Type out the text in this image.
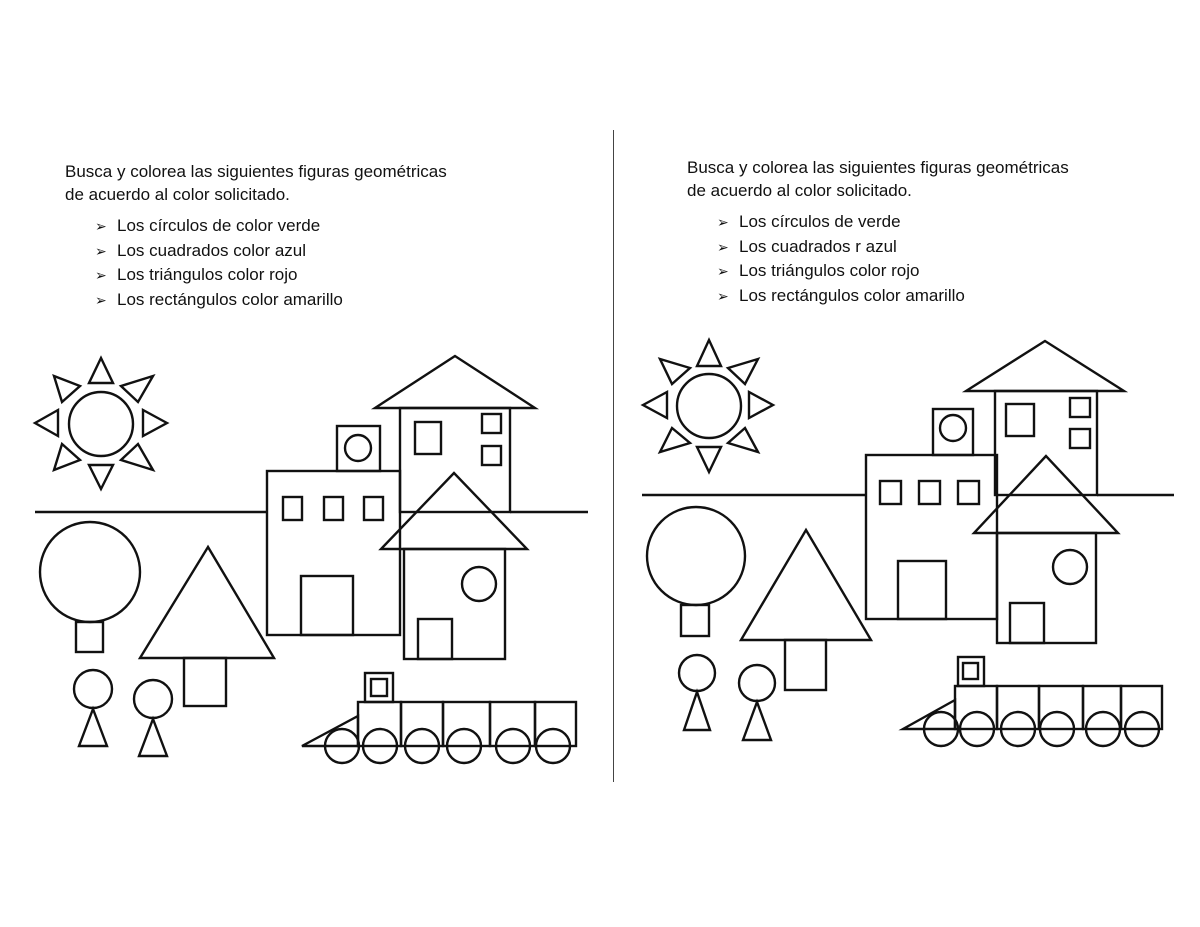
Busca y colorea las siguientes figuras geométricas
de acuerdo al color solicitado.

➢ Los círculos de color verde
➢ Los cuadrados color azul
➢ Los triángulos color rojo
➢ Los rectángulos color amarillo

Busca y colorea las siguientes figuras geométricas
de acuerdo al color solicitado.

➢ Los círculos de verde
➢ Los cuadrados r azul
➢ Los triángulos color rojo
➢ Los rectángulos color amarillo
